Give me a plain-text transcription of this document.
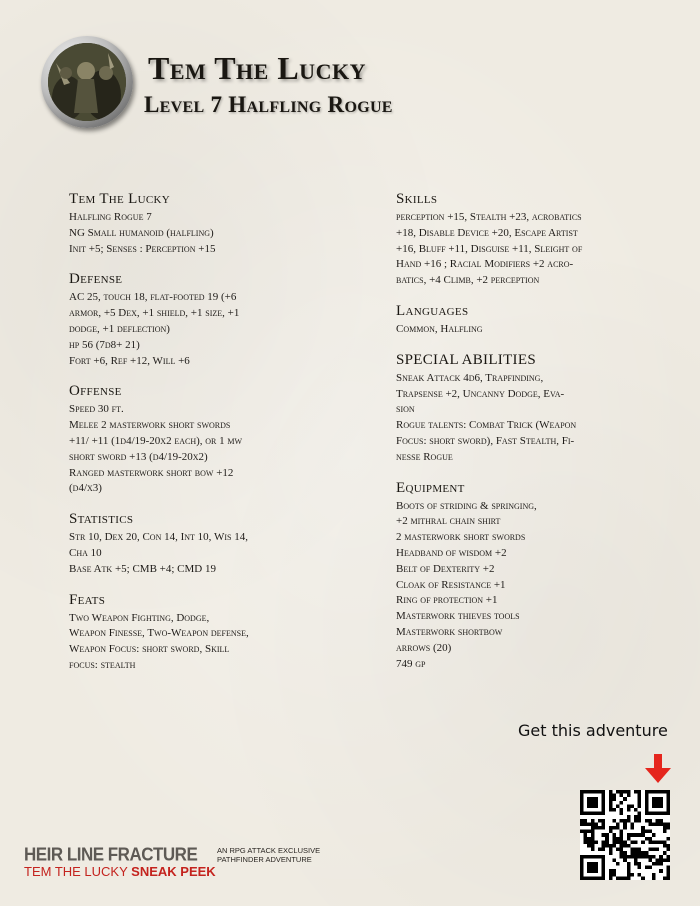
Tem The Lucky
Level 7 Halfling Rogue
Tem The Lucky
Halfling Rogue 7
NG Small humanoid (halfling)
Init +5; Senses : Perception +15
Defense
AC 25, touch 18, flat-footed 19 (+6
armor, +5 Dex, +1 shield, +1 size, +1
dodge, +1 deflection)
hp 56 (7d8+ 21)
Fort +6, Ref +12, Will +6
Offense
Speed 30 ft.
Melee 2 masterwork short swords
+11/ +11 (1d4/19-20x2 each), or 1 mw
short sword +13 (d4/19-20x2)
Ranged masterwork short bow +12
(d4/x3)
Statistics
Str 10, Dex 20, Con 14, Int 10, Wis 14,
Cha 10
Base Atk +5; CMB +4; CMD 19
Feats
Two Weapon Fighting, Dodge,
Weapon Finesse, Two-Weapon defense,
Weapon Focus: short sword, Skill
focus: stealth
Skills
perception +15, Stealth +23, acrobatics
+18, Disable Device +20, Escape Artist
+16, Bluff +11, Disguise +11, Sleight of
Hand +16 ; Racial Modifiers +2 acro-
batics, +4 Climb, +2 perception
Languages
Common, Halfling
SPECIAL ABILITIES
Sneak Attack 4d6, Trapfinding,
Trapsense +2, Uncanny Dodge, Eva-
sion
Rogue talents: Combat Trick (Weapon
Focus: short sword), Fast Stealth, Fi-
nesse Rogue
Equipment
Boots of striding & springing,
+2 mithral chain shirt
2 masterwork short swords
Headband of wisdom +2
Belt of Dexterity +2
Cloak of Resistance +1
Ring of protection +1
Masterwork thieves tools
Masterwork shortbow
arrows (20)
749 gp
Get this adventure
HEIR LINE FRACTURE	AN RPG ATTACK EXCLUSIVE PATHFINDER ADVENTURE
TEM THE LUCKY SNEAK PEEK
